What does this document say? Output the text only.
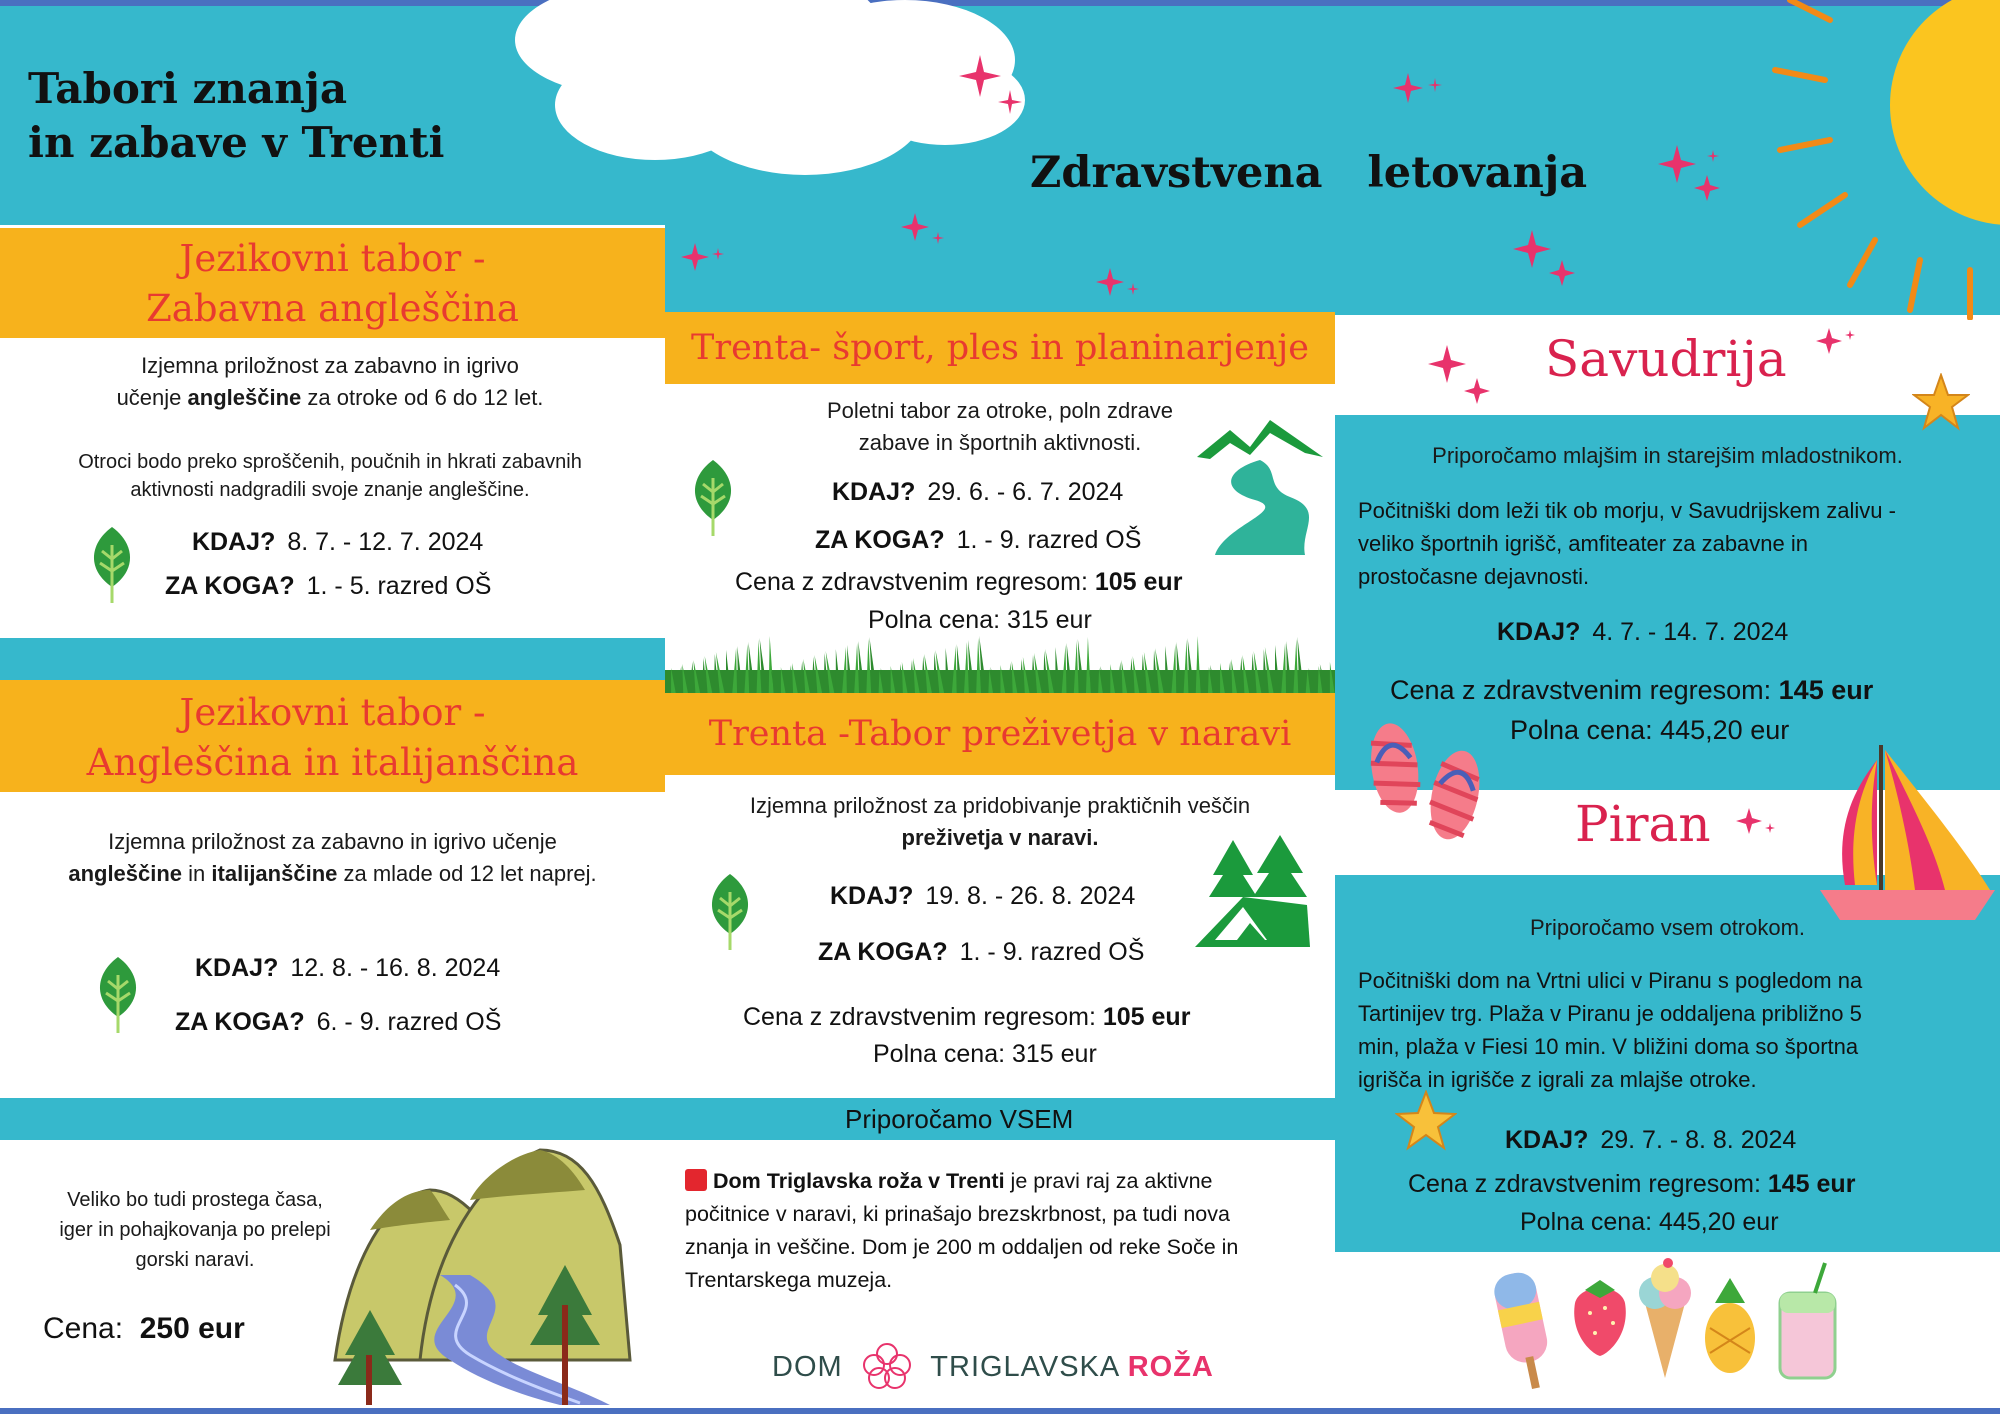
Tabori znanja
in zabave v Trenti
Zdravstvena   letovanja
Jezikovni tabor -
Zabavna angleščina
Izjemna priložnost za zabavno in igrivo
učenje angleščine za otroke od 6 do 12 let.
Otroci bodo preko sproščenih, poučnih in hkrati zabavnih
aktivnosti nadgradili svoje znanje angleščine.
KDAJ? 8. 7. - 12. 7. 2024
ZA KOGA? 1. - 5. razred OŠ
Jezikovni tabor -
Angleščina in italijanščina
Izjemna priložnost za zabavno in igrivo učenje
angleščine in italijanščine za mlade od 12 let naprej.
KDAJ? 12. 8. - 16. 8. 2024
ZA KOGA? 6. - 9. razred OŠ
Trenta- šport, ples in planinarjenje
Poletni tabor za otroke, poln zdrave
zabave in športnih aktivnosti.
KDAJ? 29. 6. - 6. 7. 2024
ZA KOGA? 1. - 9. razred OŠ
Cena z zdravstvenim regresom: 105 eur
Polna cena: 315 eur
Trenta -Tabor preživetja v naravi
Izjemna priložnost za pridobivanje praktičnih veščin
preživetja v naravi.
KDAJ? 19. 8. - 26. 8. 2024
ZA KOGA? 1. - 9. razred OŠ
Cena z zdravstvenim regresom: 105 eur
Polna cena: 315 eur
Priporočamo VSEM
Veliko bo tudi prostega časa,
iger in pohajkovanja po prelepi
gorski naravi.
Cena: 250 eur
Dom Triglavska roža v Trenti je pravi raj za aktivne
počitnice v naravi, ki prinašajo brezskrbnost, pa tudi nova
znanja in veščine. Dom je 200 m oddaljen od reke Soče in
Trentarskega muzeja.
DOM	TRIGLAVSKA ROŽA
Savudrija
Priporočamo mlajšim in starejšim mladostnikom.
Počitniški dom leži tik ob morju, v Savudrijskem zalivu -
veliko športnih igrišč, amfiteater za zabavne in
prostočasne dejavnosti.
KDAJ? 4. 7. - 14. 7. 2024
Cena z zdravstvenim regresom: 145 eur
Polna cena: 445,20 eur
Piran
Priporočamo vsem otrokom.
Počitniški dom na Vrtni ulici v Piranu s pogledom na
Tartinijev trg. Plaža v Piranu je oddaljena približno 5
min, plaža v Fiesi 10 min. V bližini doma so športna
igrišča in igrišče z igrali za mlajše otroke.
KDAJ? 29. 7. - 8. 8. 2024
Cena z zdravstvenim regresom: 145 eur
Polna cena: 445,20 eur
